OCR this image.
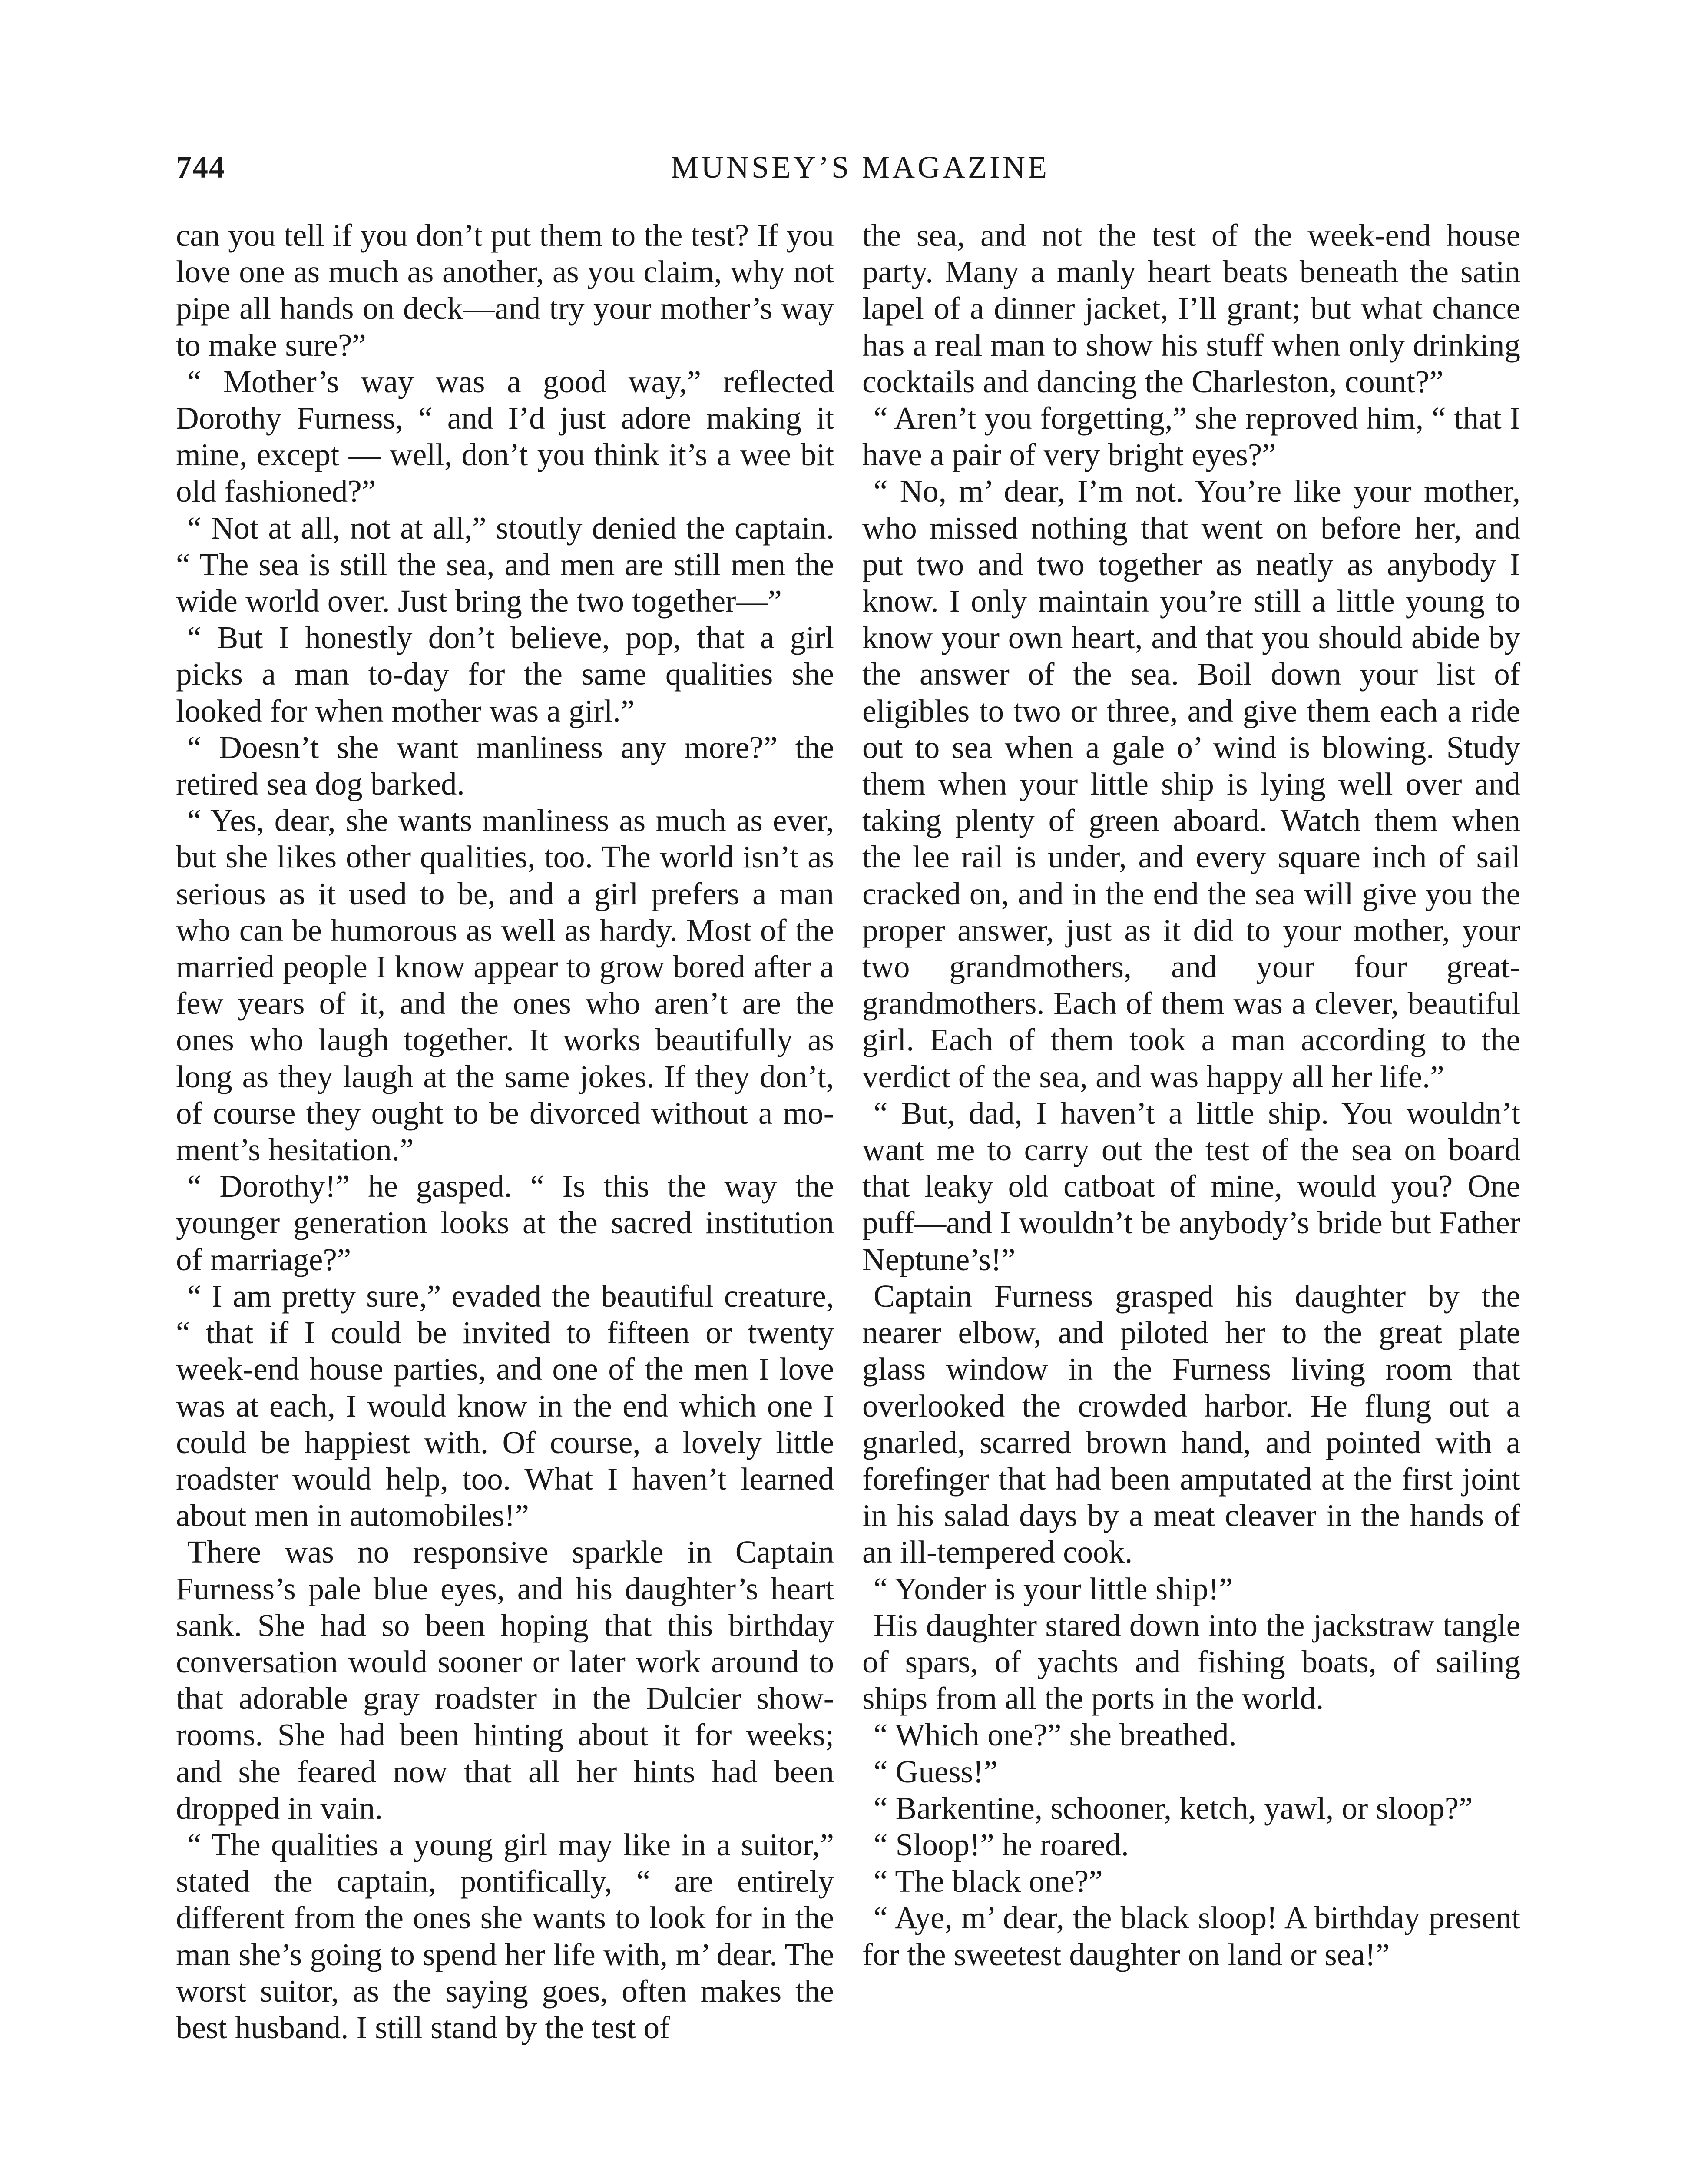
744	MUNSEY’S MAGAZINE

can you tell if you don’t put them to the test? If you love one as much as another, as you claim, why not pipe all hands on deck—and try your mother’s way to make sure?”

“ Mother’s way was a good way,” reflected Dorothy Furness, “ and I’d just adore making it mine, except — well, don’t you think it’s a wee bit old fashioned?”

“ Not at all, not at all,” stoutly denied the captain. “ The sea is still the sea, and men are still men the wide world over. Just bring the two together—”

“ But I honestly don’t believe, pop, that a girl picks a man to-day for the same qualities she looked for when mother was a girl.”

“ Doesn’t she want manliness any more?” the retired sea dog barked.

“ Yes, dear, she wants manliness as much as ever, but she likes other qualities, too. The world isn’t as serious as it used to be, and a girl prefers a man who can be humorous as well as hardy. Most of the married people I know appear to grow bored after a few years of it, and the ones who aren’t are the ones who laugh together. It works beautifully as long as they laugh at the same jokes. If they don’t, of course they ought to be divorced without a moment’s hesitation.”

“ Dorothy!” he gasped. “ Is this the way the younger generation looks at the sacred institution of marriage?”

“ I am pretty sure,” evaded the beautiful creature, “ that if I could be invited to fifteen or twenty week-end house parties, and one of the men I love was at each, I would know in the end which one I could be happiest with. Of course, a lovely little roadster would help, too. What I haven’t learned about men in automobiles!”

There was no responsive sparkle in Captain Furness’s pale blue eyes, and his daughter’s heart sank. She had so been hoping that this birthday conversation would sooner or later work around to that adorable gray roadster in the Dulcier showrooms. She had been hinting about it for weeks; and she feared now that all her hints had been dropped in vain.

“ The qualities a young girl may like in a suitor,” stated the captain, pontifically, “ are entirely different from the ones she wants to look for in the man she’s going to spend her life with, m’ dear. The worst suitor, as the saying goes, often makes the best husband. I still stand by the test of

the sea, and not the test of the week-end house party. Many a manly heart beats beneath the satin lapel of a dinner jacket, I’ll grant; but what chance has a real man to show his stuff when only drinking cocktails and dancing the Charleston, count?”

“ Aren’t you forgetting,” she reproved him, “ that I have a pair of very bright eyes?”

“ No, m’ dear, I’m not. You’re like your mother, who missed nothing that went on before her, and put two and two together as neatly as anybody I know. I only maintain you’re still a little young to know your own heart, and that you should abide by the answer of the sea. Boil down your list of eligibles to two or three, and give them each a ride out to sea when a gale o’ wind is blowing. Study them when your little ship is lying well over and taking plenty of green aboard. Watch them when the lee rail is under, and every square inch of sail cracked on, and in the end the sea will give you the proper answer, just as it did to your mother, your two grandmothers, and your four great-grandmothers. Each of them was a clever, beautiful girl. Each of them took a man according to the verdict of the sea, and was happy all her life.”

“ But, dad, I haven’t a little ship. You wouldn’t want me to carry out the test of the sea on board that leaky old catboat of mine, would you? One puff—and I wouldn’t be anybody’s bride but Father Neptune’s!”

Captain Furness grasped his daughter by the nearer elbow, and piloted her to the great plate glass window in the Furness living room that overlooked the crowded harbor. He flung out a gnarled, scarred brown hand, and pointed with a forefinger that had been amputated at the first joint in his salad days by a meat cleaver in the hands of an ill-tempered cook.

“ Yonder is your little ship!”

His daughter stared down into the jackstraw tangle of spars, of yachts and fishing boats, of sailing ships from all the ports in the world.

“ Which one?” she breathed.

“ Guess!”

“ Barkentine, schooner, ketch, yawl, or sloop?”

“ Sloop!” he roared.

“ The black one?”

“ Aye, m’ dear, the black sloop! A birthday present for the sweetest daughter on land or sea!”
